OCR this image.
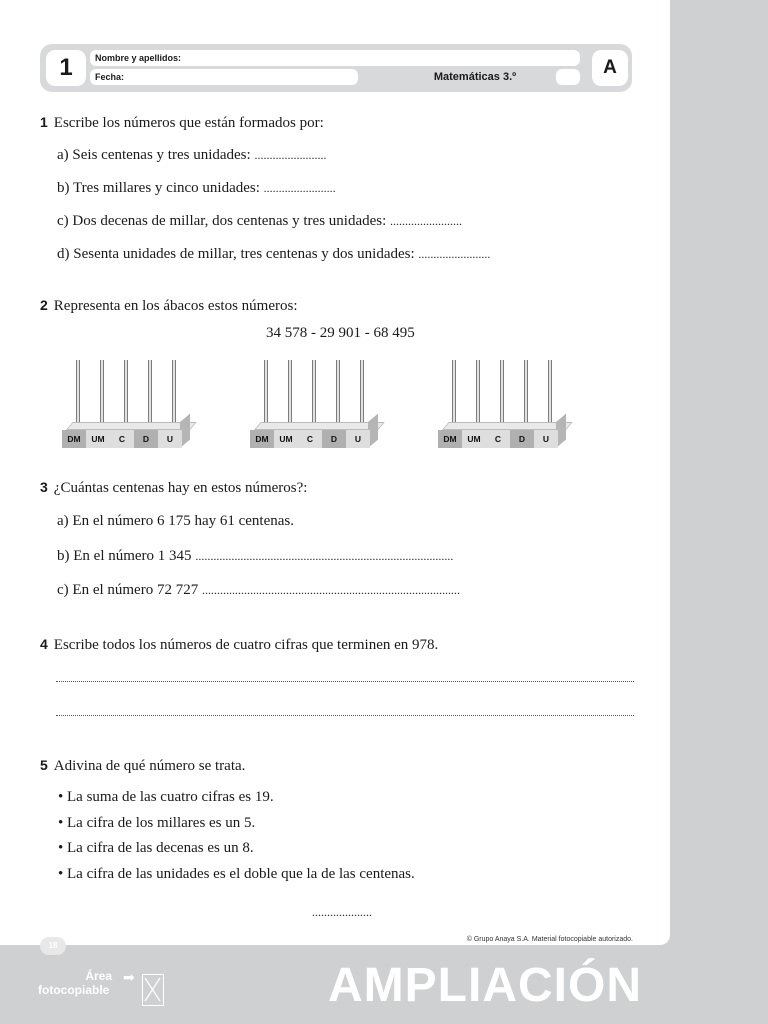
1	Nombre y apellidos:
Fecha:	Matemáticas 3.º	A
1 Escribe los números que están formados por:
a) Seis centenas y tres unidades: ........................
b) Tres millares y cinco unidades: ........................
c) Dos decenas de millar, dos centenas y tres unidades: ........................
d) Sesenta unidades de millar, tres centenas y dos unidades: ........................
2 Representa en los ábacos estos números:
34 578 - 29 901 - 68 495
DM	UM	C	D	U	DM	UM	C	D	U	DM	UM	C	D	U
3 ¿Cuántas centenas hay en estos números?:
a) En el número 6 175 hay 61 centenas.
b) En el número 1 345 ......................................................................................
c) En el número 72 727 ......................................................................................
4 Escribe todos los números de cuatro cifras que terminen en 978.
5 Adivina de qué número se trata.
• La suma de las cuatro cifras es 19.
• La cifra de los millares es un 5.
• La cifra de las decenas es un 8.
• La cifra de las unidades es el doble que la de las centenas.
....................
18
© Grupo Anaya S.A. Material fotocopiable autorizado.
Área
fotocopiable
➡	AMPLIACIÓN
